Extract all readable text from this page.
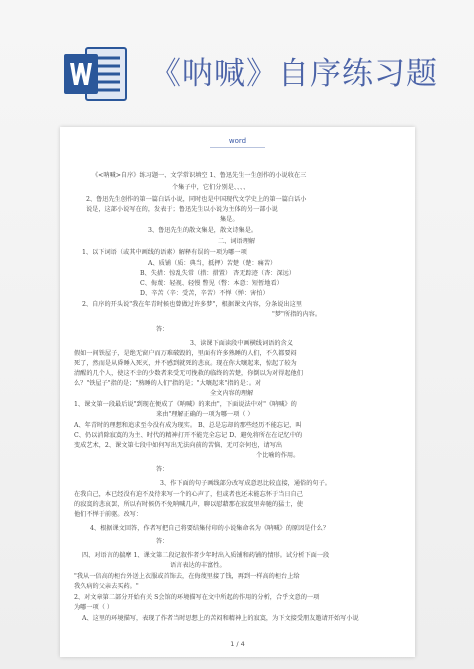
《呐喊》自序练习题
word
《<呐喊>自序》练习题一、文学常识填空 1、鲁迅先生一生创作的小说收在三
个集子中，它们分别是、、、、
2、鲁迅先生创作的第一篇白话小说，同时也是中国现代文学史上的第一篇白话小
说是，这部小说写在的，发表于；鲁迅先生以小说为主体的另一部小说
集是。
3、鲁迅先生的散文集是，散文诗集是。
二、词语理解
1、以下词语（或其中画线的语素）解释有误的一项为哪一项
A、质铺（质：典当，抵押）苦楚（楚：痛苦）
B、失措：惊乱失常（措：措置） 杳无踪迹（杳：深远）
C、侮蔑：轻视、轻慢 瞥见（瞥：本意：短暂地看）
D、辛苦（辛：受苦，辛苦）不惮（惮：害怕）
2、自序的开头说"我在年青时候也曾做过许多梦"，根据课文内容，分条说出这里
"梦"所指的内容。
答：
3、读课下面读段中画横线词语的含义
假如一间铁屋子，是绝无窗户而万难破毁的，里面有许多熟睡的人们，不久都要闷
死了，然而是从昏睡入死灭，并不感到就死的悲哀。现在你大嚷起来，惊起了较为
清醒的几个人，使这不幸的少数者来受无可挽救的临终的苦楚，你倒以为对得起他们
么？"铁屋子"指的是；"熟睡的人们"指的是；"大嚷起来"指的是：。对
全文内容的理解
1、课文第一段最后说"到现在便成了《呐喊》的来由"，下面说法中对"《呐喊》的
来由"理解正确的一项为哪一项（ ）
A、年青时的理想和追求至今没有成为现实。 B、总是忘却的那些经历不能忘记，叫
C、仍以消除寂寞的为主、时代的精神打开不能完全忘记 D、避免将所在在记忆中的
变成艺术，2、课文第七段中如何写出无法向前的苦恼、无可奈何也，请写出
个比喻的作用。
答：
3、作下面的句子画线部分改写成意思比较直接，通俗的句子。
在我自己，本已经没有迫不及待来写一个的心声了，但或者也还未能忘怀于当日自己
的寂寞的悲哀罢，所以有时候仍不免呐喊几声，聊以慰藉那在寂寞里奔驰的猛士，使
他们不惮于前驱。改写：
4、根据课文回答，作者写把自己将要结集付印的小说集命名为《呐喊》的原因是什么？
答：
四、对语言的揣摩 1、课文第二段记叙作者少年时出入质铺和药铺的情形。试分析下面一段
语言表达的丰富性。
"我从一倍高的柜台外送上衣服或首饰去，在侮蔑里接了钱，再到一样高的柜台上给
我久病的父亲去买药。"
2、对文章第二部分开始有关 S会馆的环境描写在文中所起的作用的分析，合乎文意的一项
为哪一项（ ）
A、这里的环境描写，表现了作者当时思想上的苦闷和精神上的寂寞，为下文接受朋友邀请开始写小说
1 / 4
